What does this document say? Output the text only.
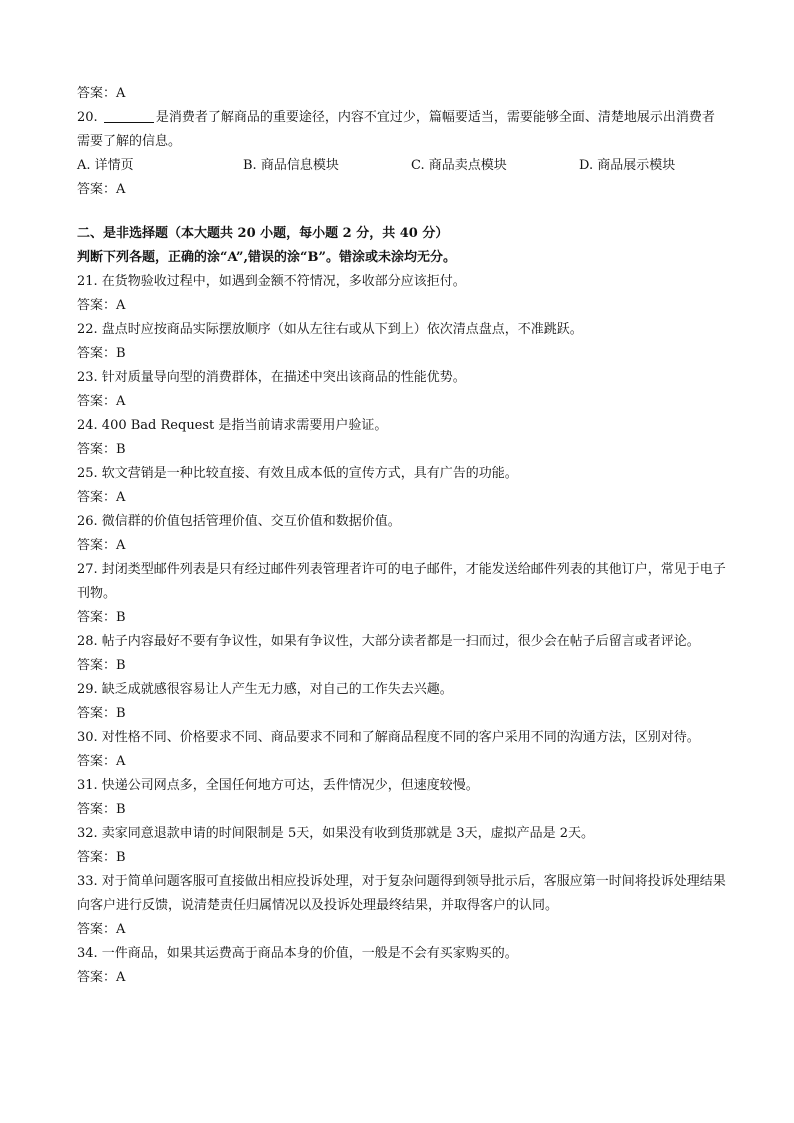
答案：A
20.	是消费者了解商品的重要途径，内容不宜过少，篇幅要适当，需要能够全面、清楚地展示出消费者需要了解的信息。
A. 详情页	B. 商品信息模块	C. 商品卖点模块	D. 商品展示模块
答案：A
二、是非选择题（本大题共 20 小题，每小题 2 分，共 40 分）
判断下列各题，正确的涂“A”,错误的涂“B”。错涂或未涂均无分。
21. 在货物验收过程中，如遇到金额不符情况，多收部分应该拒付。
答案：A
22. 盘点时应按商品实际摆放顺序（如从左往右或从下到上）依次清点盘点，不准跳跃。
答案：B
23. 针对质量导向型的消费群体，在描述中突出该商品的性能优势。
答案：A
24. 400 Bad Request 是指当前请求需要用户验证。
答案：B
25. 软文营销是一种比较直接、有效且成本低的宣传方式，具有广告的功能。
答案：A
26. 微信群的价值包括管理价值、交互价值和数据价值。
答案：A
27. 封闭类型邮件列表是只有经过邮件列表管理者许可的电子邮件，才能发送给邮件列表的其他订户，常见于电子刊物。
答案：B
28. 帖子内容最好不要有争议性，如果有争议性，大部分读者都是一扫而过，很少会在帖子后留言或者评论。
答案：B
29. 缺乏成就感很容易让人产生无力感，对自己的工作失去兴趣。
答案：B
30. 对性格不同、价格要求不同、商品要求不同和了解商品程度不同的客户采用不同的沟通方法，区别对待。
答案：A
31. 快递公司网点多，全国任何地方可达，丢件情况少，但速度较慢。
答案：B
32. 卖家同意退款申请的时间限制是 5天，如果没有收到货那就是 3天，虚拟产品是 2天。
答案：B
33. 对于简单问题客服可直接做出相应投诉处理，对于复杂问题得到领导批示后，客服应第一时间将投诉处理结果向客户进行反馈，说清楚责任归属情况以及投诉处理最终结果，并取得客户的认同。
答案：A
34. 一件商品，如果其运费高于商品本身的价值，一般是不会有买家购买的。
答案：A
